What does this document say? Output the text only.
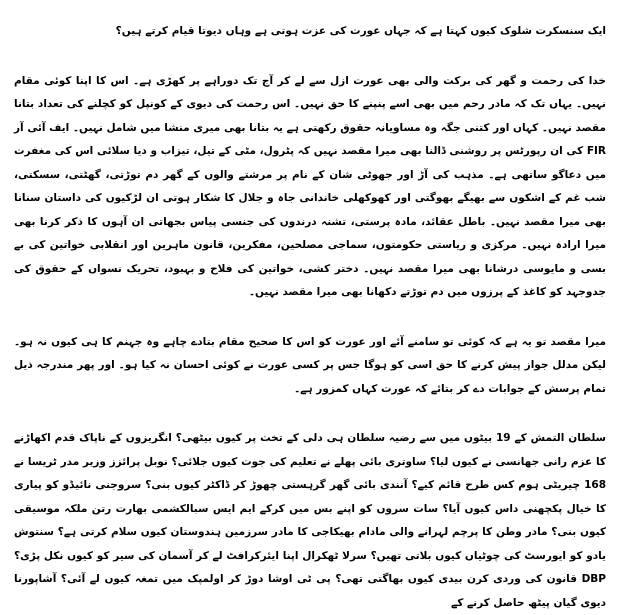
ایک سنسکرت شلوک کیوں کہتا ہے کہ جہاں عورت کی عزت ہوتی ہے وہاں دیوتا قیام کرتے ہیں؟

خدا کی رحمت و گھر کی برکت والی بھی عورت ازل سے لے کر آج تک دوراہے پر کھڑی ہے۔ اس کا اپنا کوئی مقام نہیں۔ یہاں تک کہ مادر رحم میں بھی اسے پنپنے کا حق نہیں۔ اس رحمت کی دیوی کے کونپل کو کچلنے کی تعداد بتانا مقصد نہیں۔ کہاں اور کتنی جگہ وہ مساویانہ حقوق رکھتی ہے یہ بتانا بھی میری منشا میں شامل نہیں۔ ایف آئی آر FIR کی ان رپورٹس پر روشنی ڈالنا بھی میرا مقصد نہیں کہ پٹرول، مٹی کے تیل، تیزاب و دیا سلائی اس کی مغفرت میں دعاگو ساتھی ہے۔ مذہب کی آڑ اور جھوٹی شان کے نام پر مرشتے والوں کے گھر دم توڑتی، گھٹتی، سسکتی، شب غم کے اشکوں سے بھیگے بھوگتی اور کھوکھلی خاندانی جاہ و جلال کا شکار ہوتی ان لڑکیوں کی داستان سنانا بھی میرا مقصد نہیں۔ باطل عقائد، مادہ پرستی، تشنہ درندوں کی جنسی پیاس بجھاتی ان آہوں کا ذکر کرنا بھی میرا ارادہ نہیں۔ مرکزی و ریاستی حکومتوں، سماجی مصلحین، مفکرین، قانون ماہرین اور انقلابی خواتین کی بے بسی و مایوسی درشانا بھی میرا مقصد نہیں۔ دختر کشی، خواتین کی فلاح و بہبود، تحریک نسواں کے حقوق کی جدوجہد کو کاغذ کے پرزوں میں دم توڑتے دکھانا بھی میرا مقصد نہیں۔

میرا مقصد تو یہ ہے کہ کوئی تو سامنے آئے اور عورت کو اس کا صحیح مقام بتادے چاہے وہ جہنم کا ہی کیوں نہ ہو۔ لیکن مدلل جواز پیش کرنے کا حق اسی کو ہوگا جس پر کسی عورت نے کوئی احسان نہ کیا ہو۔ اور پھر مندرجہ ذیل تمام پرسش کے جوابات دے کر بتائے کہ عورت کہاں کمزور ہے۔

سلطان التمش کے 19 بیٹوں میں سے رضیہ سلطان ہی دلی کے تخت پر کیوں بیٹھی؟ انگریزوں کے ناپاک قدم اکھاڑنے کا عزم رانی جھانسی نے کیوں لیا؟ ساوتری بائی پھلے نے تعلیم کی جوت کیوں جلائی؟ نوبل پرائزز وزیر مدر ٹریسا نے 168 چیریٹی ہوم کس طرح قائم کیے؟ آنندی بائی گھر گرہستی چھوڑ کر ڈاکٹر کیوں بنی؟ سروجنی نائیڈو کو پیاری کا خیال پکچھنی داس کیوں آیا؟ سات سروں کو اپنے بس میں کرکے ایم ایس سبالکشمی بھارت رتن ملکہ موسیقی کیوں بنی؟ مادر وطن کا پرچم لہرانے والی مادام بھیکاجی کا مادر سرزمین ہندوستان کیوں سلام کرتی ہے؟ سنتوش یادو کو ایورسٹ کی چوٹیاں کیوں بلاتی تھیں؟ سرلا ٹھکرال اپنا ایئرکرافٹ لے کر آسمان کی سیر کو کیوں نکل پڑی؟ DBP قانون کی وردی کرن بیدی کیوں بھاگتی تھی؟ پی ٹی اوشا دوڑ کر اولمپک میں تمغہ کیوں لے آئی؟ آشاپورنا دیوی گیان پیٹھ حاصل کرنے کے
